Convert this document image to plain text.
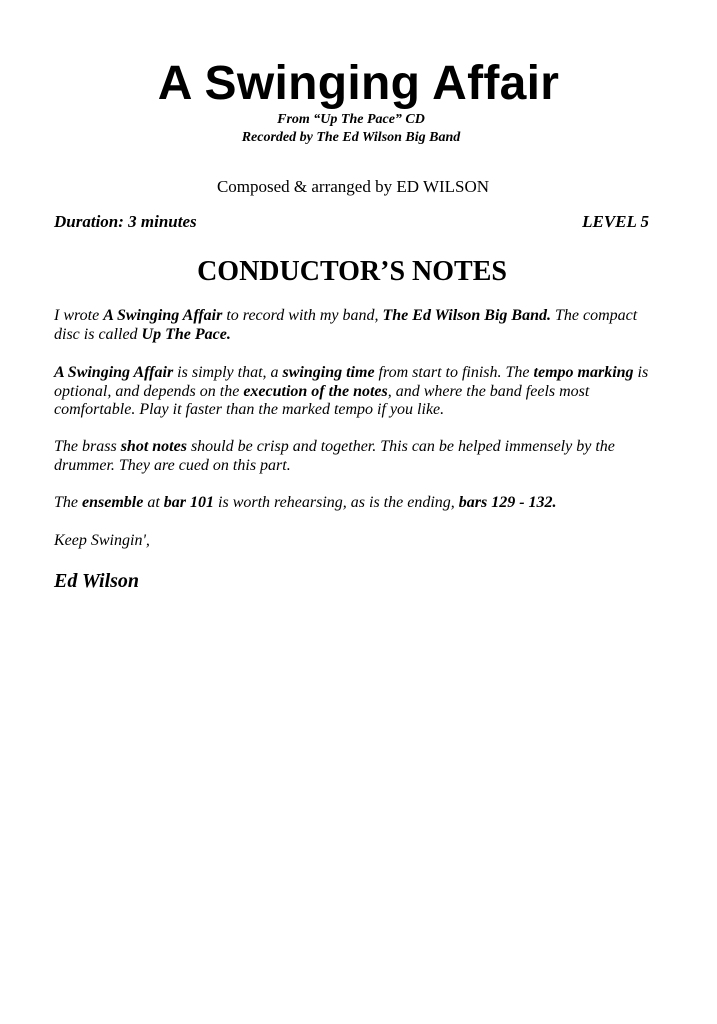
A Swinging Affair
From “Up The Pace” CD
Recorded by The Ed Wilson Big Band
Composed & arranged by ED WILSON
Duration: 3 minutes	LEVEL 5
CONDUCTOR’S NOTES

I wrote A Swinging Affair to record with my band, The Ed Wilson Big Band. The compact disc is called Up The Pace.

A Swinging Affair is simply that, a swinging time from start to finish. The tempo marking is optional, and depends on the execution of the notes, and where the band feels most comfortable. Play it faster than the marked tempo if you like.

The brass shot notes should be crisp and together. This can be helped immensely by the drummer. They are cued on this part.

The ensemble at bar 101 is worth rehearsing, as is the ending, bars 129 - 132.

Keep Swingin',

Ed Wilson
